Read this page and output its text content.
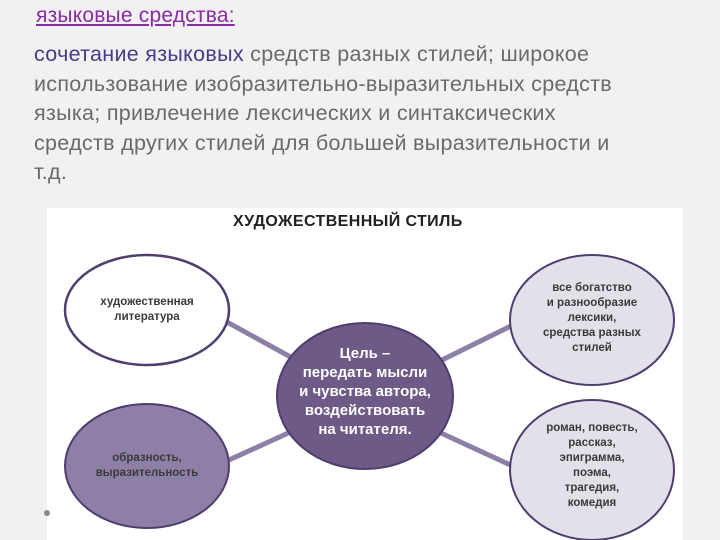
языковые средства:
сочетание языковых средств разных стилей; широкое использование изобразительно-выразительных средств языка; привлечение лексических и синтаксических средств других стилей для большей выразительности и т.д.
ХУДОЖЕСТВЕННЫЙ СТИЛЬ
художественная
литература
образность,
выразительность
все богатство
и разнообразие
лексики,
средства разных
стилей
роман, повесть,
рассказ,
эпиграмма,
поэма,
трагедия,
комедия
Цель –
передать мысли
и чувства автора,
воздействовать
на читателя.
